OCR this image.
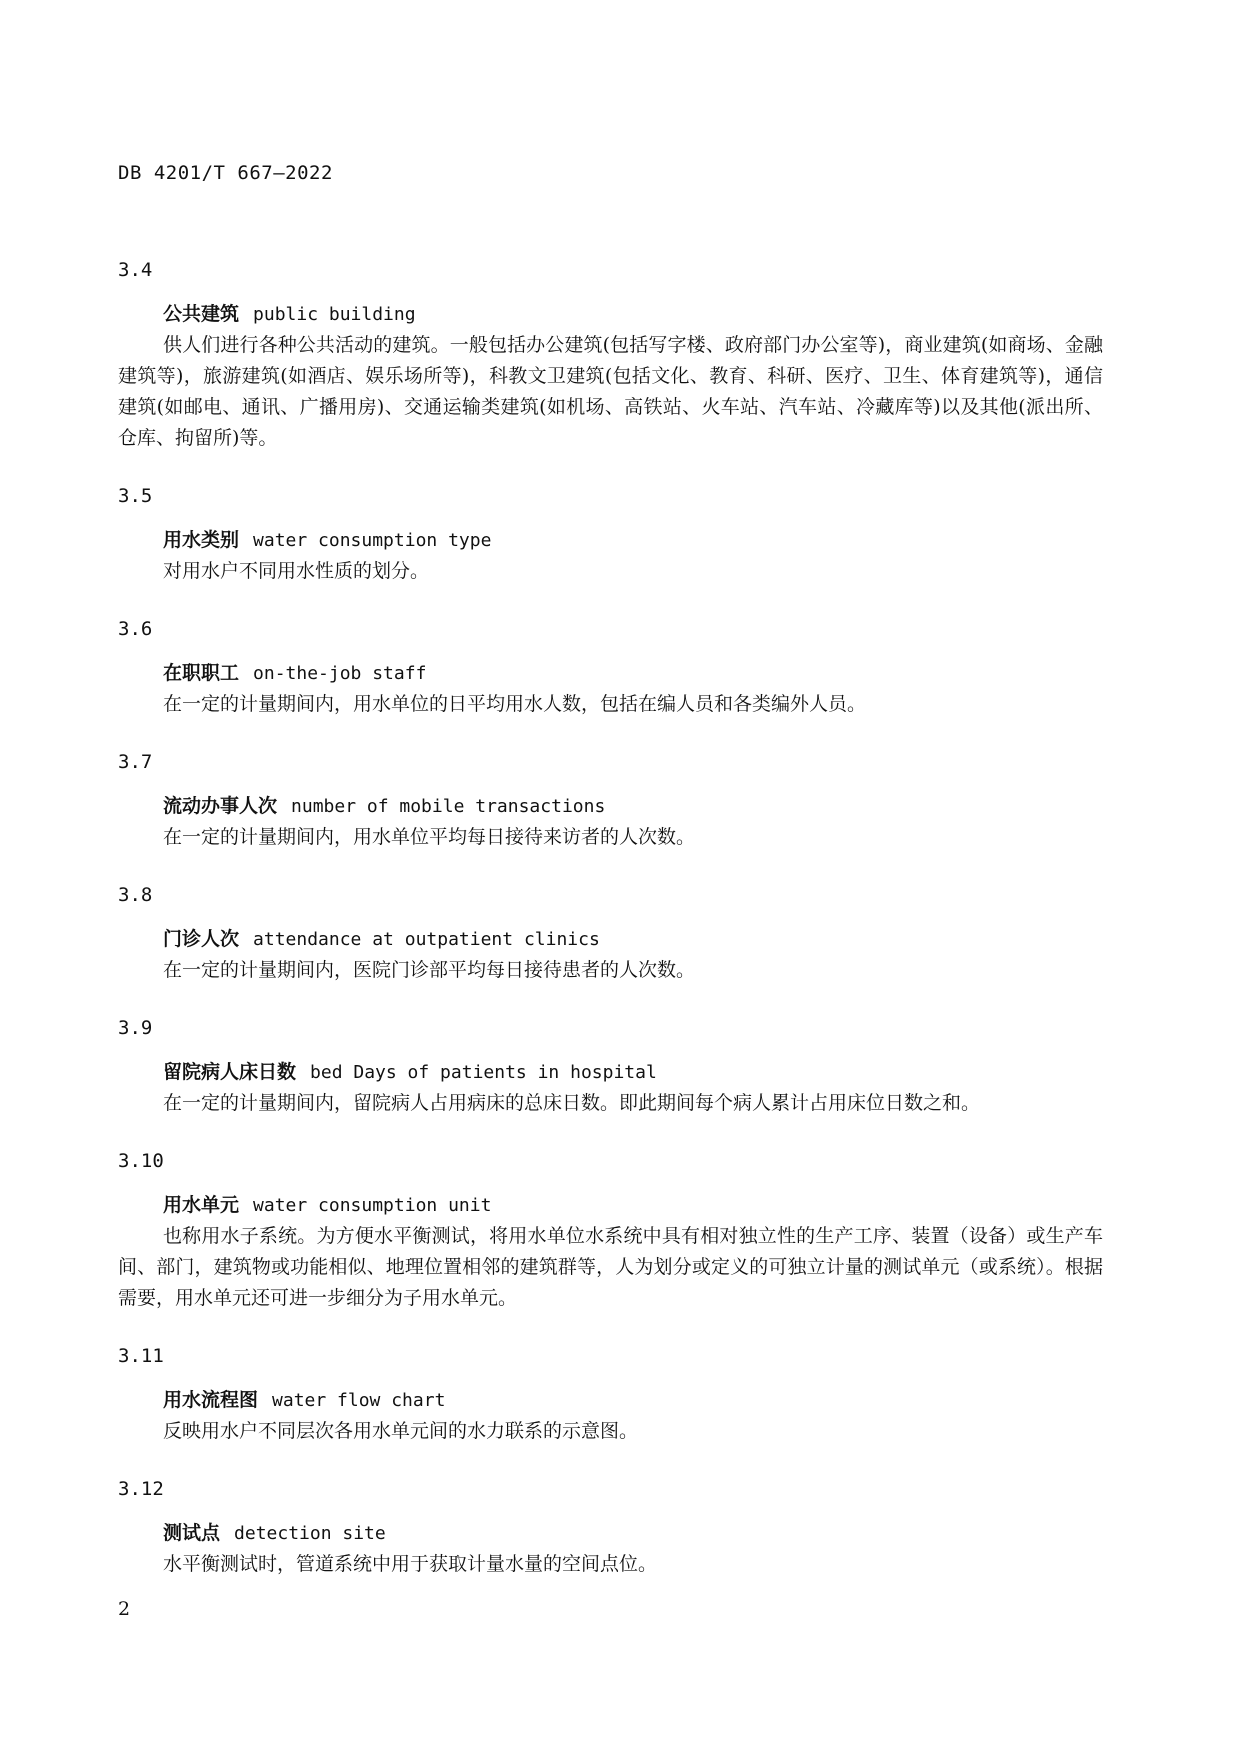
DB 4201/T 667—2022
3.4
公共建筑 public building

供人们进行各种公共活动的建筑。一般包括办公建筑(包括写字楼、政府部门办公室等)，商业建筑(如商场、金融建筑等)，旅游建筑(如酒店、娱乐场所等)，科教文卫建筑(包括文化、教育、科研、医疗、卫生、体育建筑等)，通信建筑(如邮电、通讯、广播用房)、交通运输类建筑(如机场、高铁站、火车站、汽车站、冷藏库等)以及其他(派出所、仓库、拘留所)等。

3.5
用水类别 water consumption type

对用水户不同用水性质的划分。

3.6
在职职工 on-the-job staff

在一定的计量期间内，用水单位的日平均用水人数，包括在编人员和各类编外人员。

3.7
流动办事人次 number of mobile transactions

在一定的计量期间内，用水单位平均每日接待来访者的人次数。

3.8
门诊人次 attendance at outpatient clinics

在一定的计量期间内，医院门诊部平均每日接待患者的人次数。

3.9
留院病人床日数 bed Days of patients in hospital

在一定的计量期间内，留院病人占用病床的总床日数。即此期间每个病人累计占用床位日数之和。

3.10
用水单元 water consumption unit

也称用水子系统。为方便水平衡测试，将用水单位水系统中具有相对独立性的生产工序、装置（设备）或生产车间、部门，建筑物或功能相似、地理位置相邻的建筑群等，人为划分或定义的可独立计量的测试单元（或系统）。根据需要，用水单元还可进一步细分为子用水单元。

3.11
用水流程图 water flow chart

反映用水户不同层次各用水单元间的水力联系的示意图。

3.12
测试点 detection site

水平衡测试时，管道系统中用于获取计量水量的空间点位。

2
